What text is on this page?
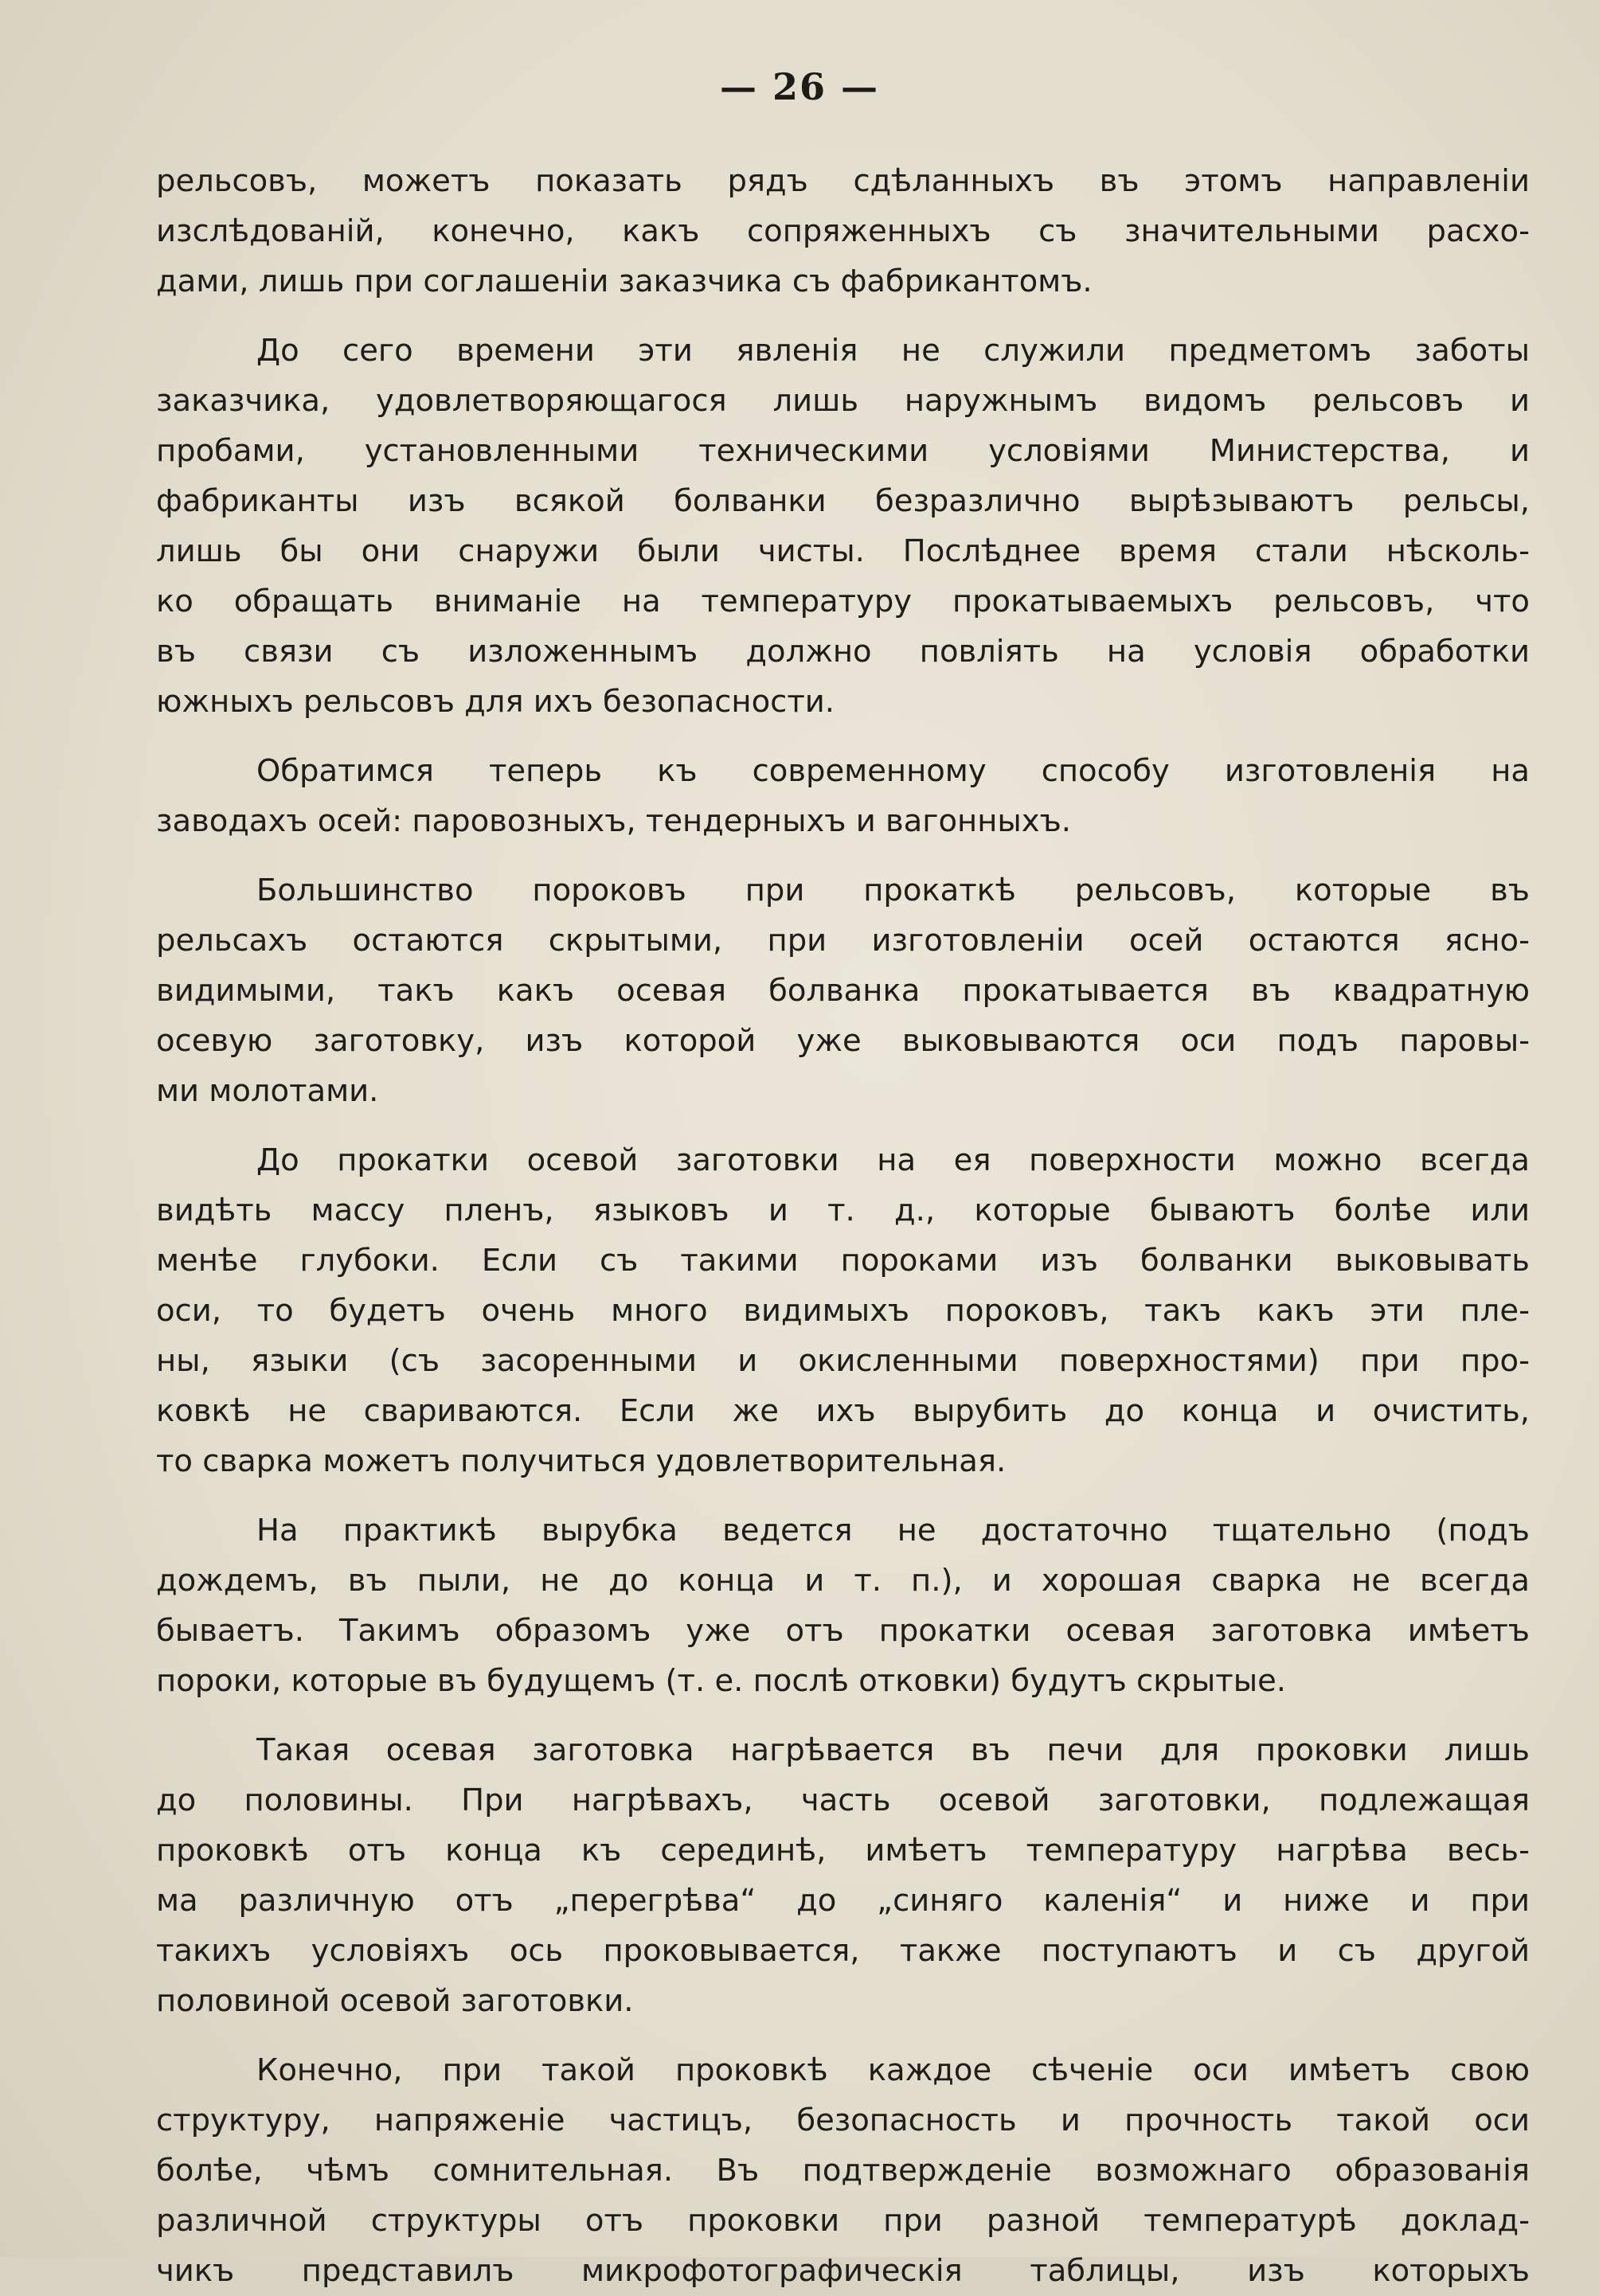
— 26 —

рельсовъ, можетъ показать рядъ сдѣланныхъ въ этомъ направленіи
изслѣдованій, конечно, какъ сопряженныхъ съ значительными расхо-
дами, лишь при соглашеніи заказчика съ фабрикантомъ.

До сего времени эти явленія не служили предметомъ заботы
заказчика, удовлетворяющагося лишь наружнымъ видомъ рельсовъ и
пробами, установленными техническими условіями Министерства, и
фабриканты изъ всякой болванки безразлично вырѣзываютъ рельсы,
лишь бы они снаружи были чисты. Послѣднее время стали нѣсколь-
ко обращать вниманіе на температуру прокатываемыхъ рельсовъ, что
въ связи съ изложеннымъ должно повліять на условія обработки
южныхъ рельсовъ для ихъ безопасности.

Обратимся теперь къ современному способу изготовленія на
заводахъ осей: паровозныхъ, тендерныхъ и вагонныхъ.

Большинство пороковъ при прокаткѣ рельсовъ, которые въ
рельсахъ остаются скрытыми, при изготовленіи осей остаются ясно-
видимыми, такъ какъ осевая болванка прокатывается въ квадратную
осевую заготовку, изъ которой уже выковываются оси подъ паровы-
ми молотами.

До прокатки осевой заготовки на ея поверхности можно всегда
видѣть массу пленъ, языковъ и т. д., которые бываютъ болѣе или
менѣе глубоки. Если съ такими пороками изъ болванки выковывать
оси, то будетъ очень много видимыхъ пороковъ, такъ какъ эти пле-
ны, языки (съ засоренными и окисленными поверхностями) при про-
ковкѣ не свариваются. Если же ихъ вырубить до конца и очистить,
то сварка можетъ получиться удовлетворительная.

На практикѣ вырубка ведется не достаточно тщательно (подъ
дождемъ, въ пыли, не до конца и т. п.), и хорошая сварка не всегда
бываетъ. Такимъ образомъ уже отъ прокатки осевая заготовка имѣетъ
пороки, которые въ будущемъ (т. е. послѣ отковки) будутъ скрытые.

Такая осевая заготовка нагрѣвается въ печи для проковки лишь
до половины. При нагрѣвахъ, часть осевой заготовки, подлежащая
проковкѣ отъ конца къ серединѣ, имѣетъ температуру нагрѣва весь-
ма различную отъ „перегрѣва“ до „синяго каленія“ и ниже и при
такихъ условіяхъ ось проковывается, также поступаютъ и съ другой
половиной осевой заготовки.

Конечно, при такой проковкѣ каждое сѣченіе оси имѣетъ свою
структуру, напряженіе частицъ, безопасность и прочность такой оси
болѣе, чѣмъ сомнительная. Въ подтвержденіе возможнаго образованія
различной структуры отъ проковки при разной температурѣ доклад-
чикъ представилъ микрофотографическія таблицы, изъ которыхъ
